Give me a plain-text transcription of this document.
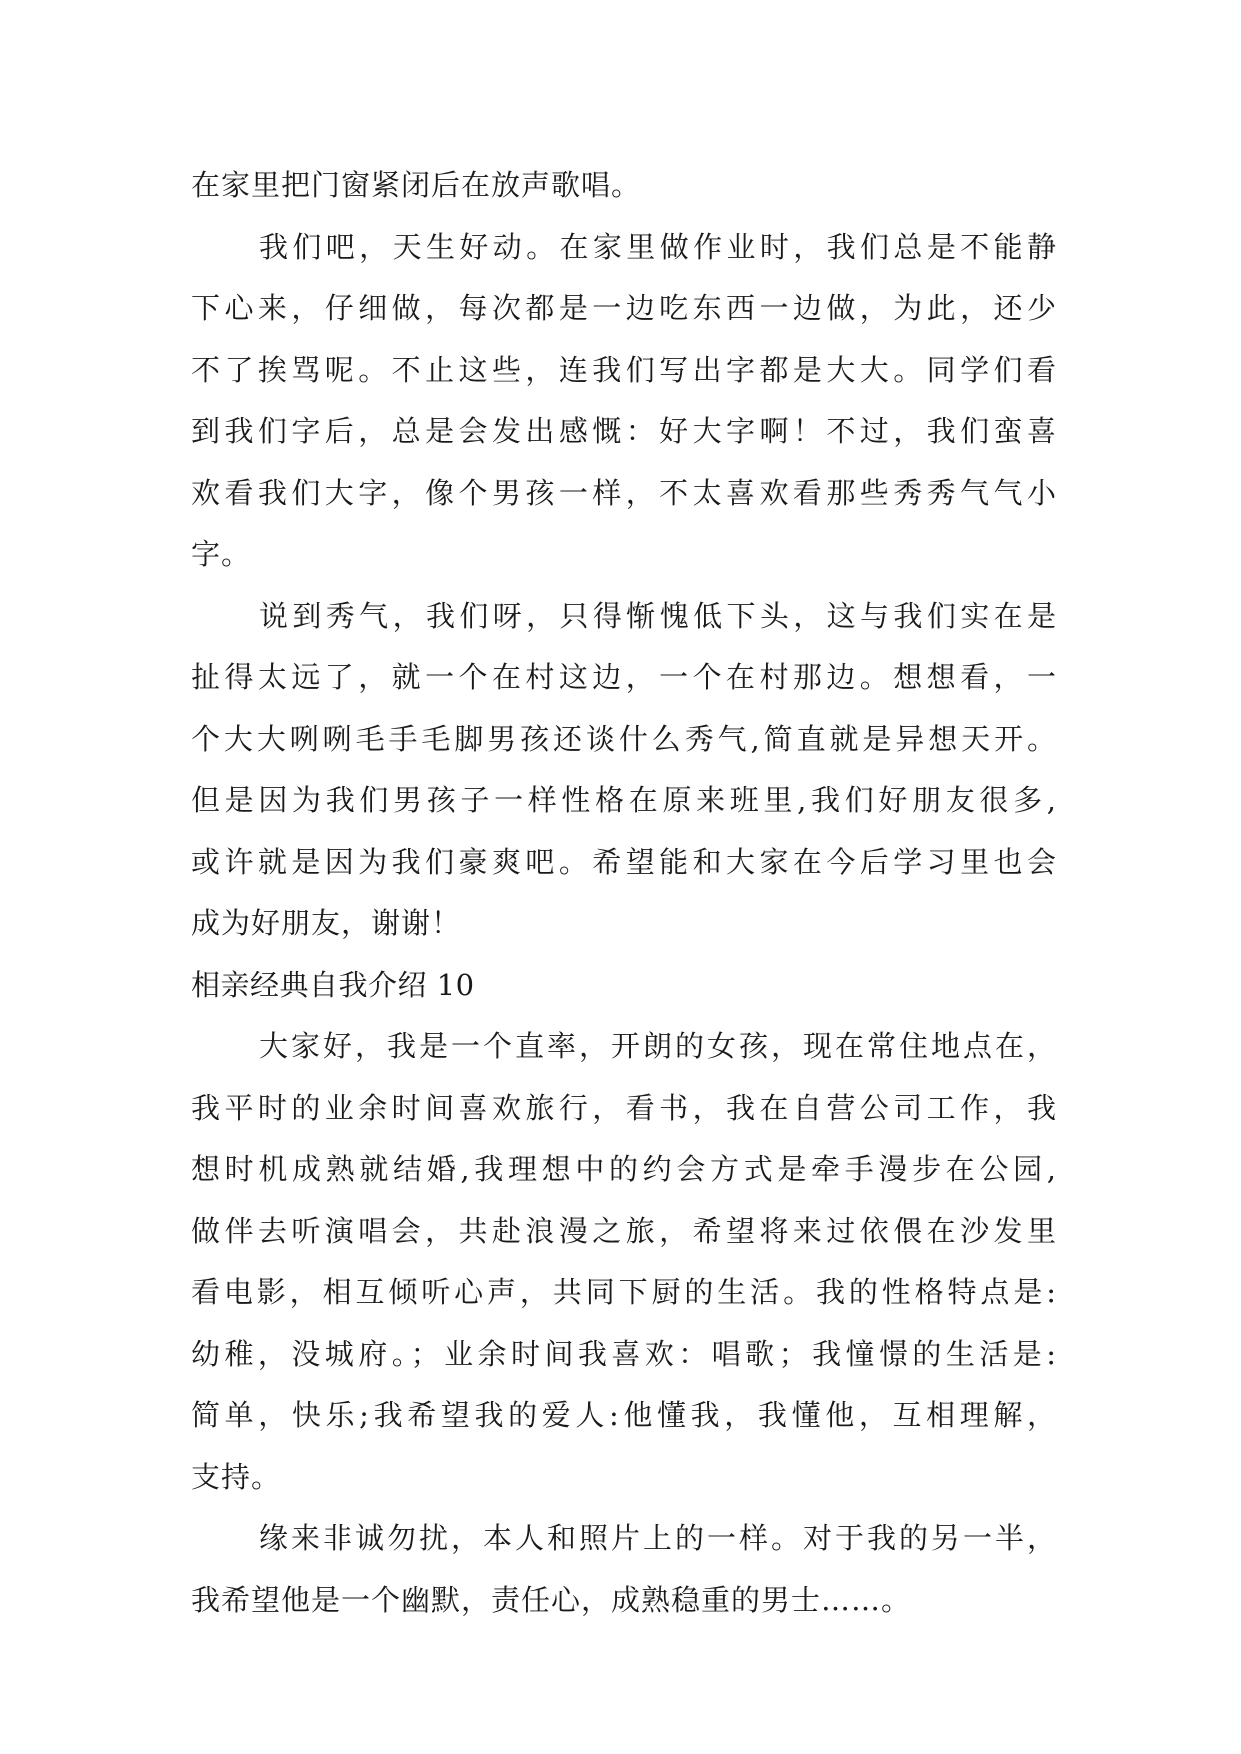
在家里把门窗紧闭后在放声歌唱。
我们吧，天生好动。在家里做作业时，我们总是不能静
下心来，仔细做，每次都是一边吃东西一边做，为此，还少
不了挨骂呢。不止这些，连我们写出字都是大大。同学们看
到我们字后，总是会发出感慨：好大字啊！不过，我们蛮喜
欢看我们大字，像个男孩一样，不太喜欢看那些秀秀气气小
字。
说到秀气，我们呀，只得惭愧低下头，这与我们实在是
扯得太远了，就一个在村这边，一个在村那边。想想看，一
个大大咧咧毛手毛脚男孩还谈什么秀气,简直就是异想天开。
但是因为我们男孩子一样性格在原来班里,我们好朋友很多,
或许就是因为我们豪爽吧。希望能和大家在今后学习里也会
成为好朋友，谢谢！
相亲经典自我介绍 10
大家好，我是一个直率，开朗的女孩，现在常住地点在，
我平时的业余时间喜欢旅行，看书，我在自营公司工作，我
想时机成熟就结婚,我理想中的约会方式是牵手漫步在公园,
做伴去听演唱会，共赴浪漫之旅，希望将来过依偎在沙发里
看电影，相互倾听心声，共同下厨的生活。我的性格特点是:
幼稚，没城府。；业余时间我喜欢：唱歌；我憧憬的生活是:
简单，快乐;我希望我的爱人:他懂我，我懂他，互相理解，
支持。
缘来非诚勿扰，本人和照片上的一样。对于我的另一半，
我希望他是一个幽默，责任心，成熟稳重的男士……。
